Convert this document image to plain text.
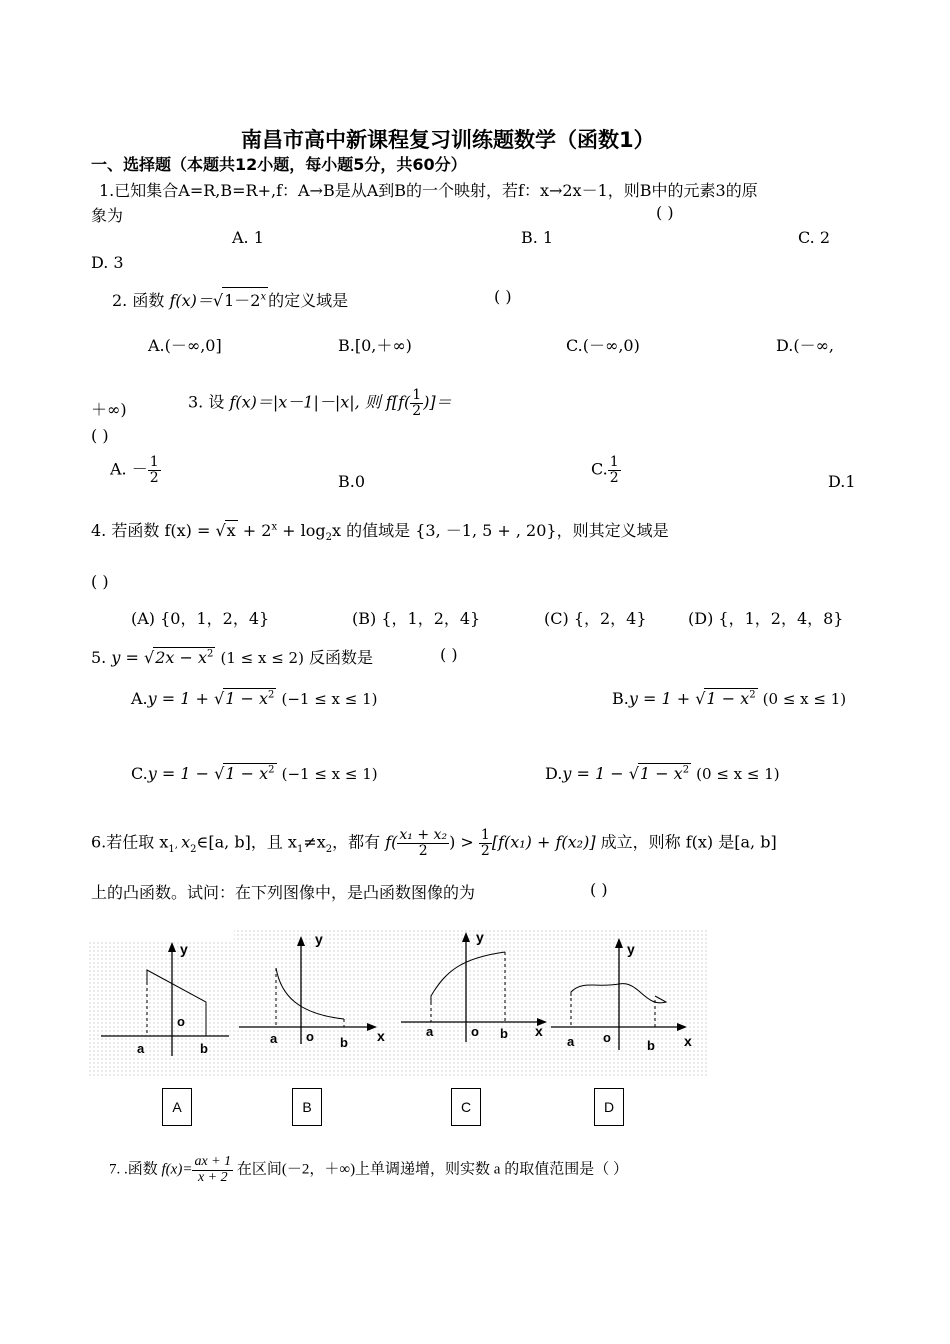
南昌市高中新课程复习训练题数学（函数1）
一、选择题（本题共12小题，每小题5分，共60分）
1.已知集合A=R,B=R+,f：A→B是从A到B的一个映射，若f：x→2x－1，则B中的元素3的原
象为	( )
A. 1	B. 1	C. 2
D. 3
2. 函数 $f(x)=√1-2^x$ 的定义域是	( )
A.(－∞,0]	B.[0,＋∞)	C.(－∞,0)	D.(－∞,
＋∞)	3. 设 f(x)＝|x－1|－|x|, 则 $f[f( \frac{1}{2}$ )]＝
( )
A. － $\frac{1}{2}$	B.0
C. $\frac{1}{2}$	D.1
4. 若函数 $f(x) = √x + 2^x + \log_2x$ 的值域是 {3, －1, 5 + , 20}，则其定义域是
( )
(A) {0，1，2，4}	(B) {，1，2，4}	(C) {，2，4}	(D) {，1，2，4，8}
5. $y = √2x - x^2$ (1 ≤ x ≤ 2) 反函数是	( )
$A.y = 1 + √1 - x^2$ (−1 ≤ x ≤ 1)	$B.y = 1 + √1 - x^2$ (0 ≤ x ≤ 1)
$C.y = 1 - √1 - x^2$ (−1 ≤ x ≤ 1)	$D.y = 1 - √1 - x^2$ (0 ≤ x ≤ 1)
6.若任取 $x_1$, $x_2\in[a$, b]，且 $x_1\ne x_2$，都有 $f( \frac{\text{x₁ + x₂}}{2}$ ) > $\frac{1}{2} [f(x_1) + f(x_2)]$ 成立，则称 f(x) 是[a, b]
上的凸函数。试问：在下列图像中，是凸函数图像的为	( )
y
o
a	b
y
o	x
a	b
y
o	x
a	b
y
o	x
a	b
A	B	C	D
7. .函数 $f(x)= \frac{ax + 1}{x + 2}$ 在区间(－2，＋∞)上单调递增，则实数 a 的取值范围是（ ）
